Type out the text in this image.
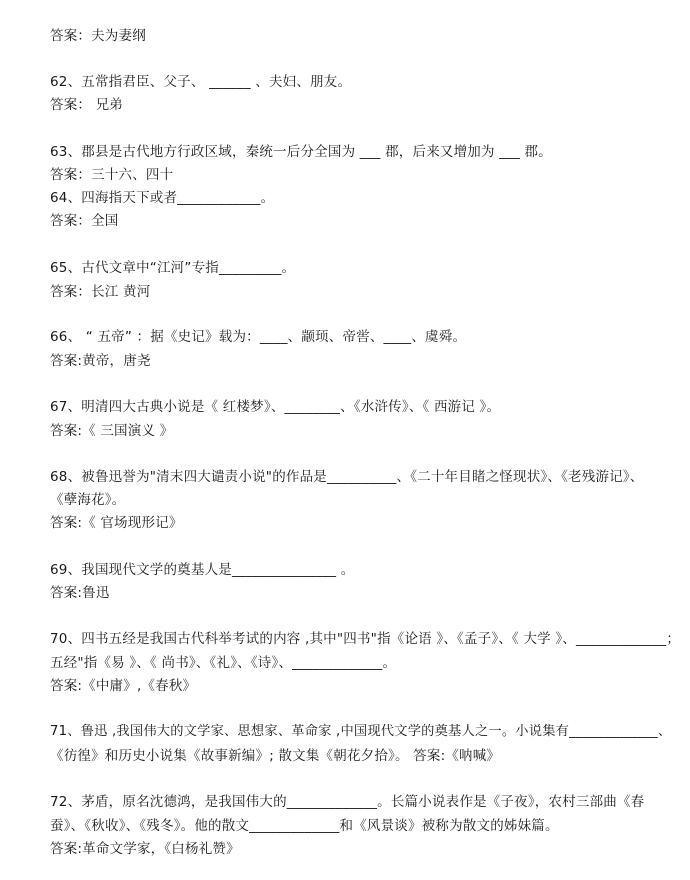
答案：夫为妻纲
62、五常指君臣、父子、 ______ 、夫妇、朋友。
答案： 兄弟
63、郡县是古代地方行政区域，秦统一后分全国为 ___ 郡，后来又增加为 ___ 郡。
答案：三十六、四十
64、四海指天下或者____________。
答案：全国
65、古代文章中“江河”专指_________。
答案：长江 黄河
66、 “ 五帝” ：据《史记》载为：____、颛顼、帝喾、____、虞舜。
答案:黄帝，唐尧
67、明清四大古典小说是《 红楼梦》、________、《水浒传》、《 西游记 》。
答案:《 三国演义 》
68、被鲁迅誉为"清末四大谴责小说"的作品是__________、《二十年目睹之怪现状》、《老残游记》、
《孽海花》。
答案:《 官场现形记》
69、我国现代文学的奠基人是_______________ 。
答案:鲁迅
70、四书五经是我国古代科举考试的内容 ,其中"四书"指《论语 》、《孟子》、《 大学 》、_____________；
五经"指《易 》、《 尚书》、《礼》、《诗》、_____________。
答案:《中庸》,《春秋》
71、鲁迅 ,我国伟大的文学家、思想家、革命家 ,中国现代文学的奠基人之一。小说集有_____________、
《彷徨》和历史小说集《故事新编》; 散文集《朝花夕拾》。 答案:《呐喊》
72、茅盾，原名沈德鸿，是我国伟大的_____________。长篇小说表作是《子夜》，农村三部曲《春
蚕》、《秋收》、《残冬》。他的散文_____________和《风景谈》被称为散文的姊妹篇。
答案:革命文学家，《白杨礼赞》
